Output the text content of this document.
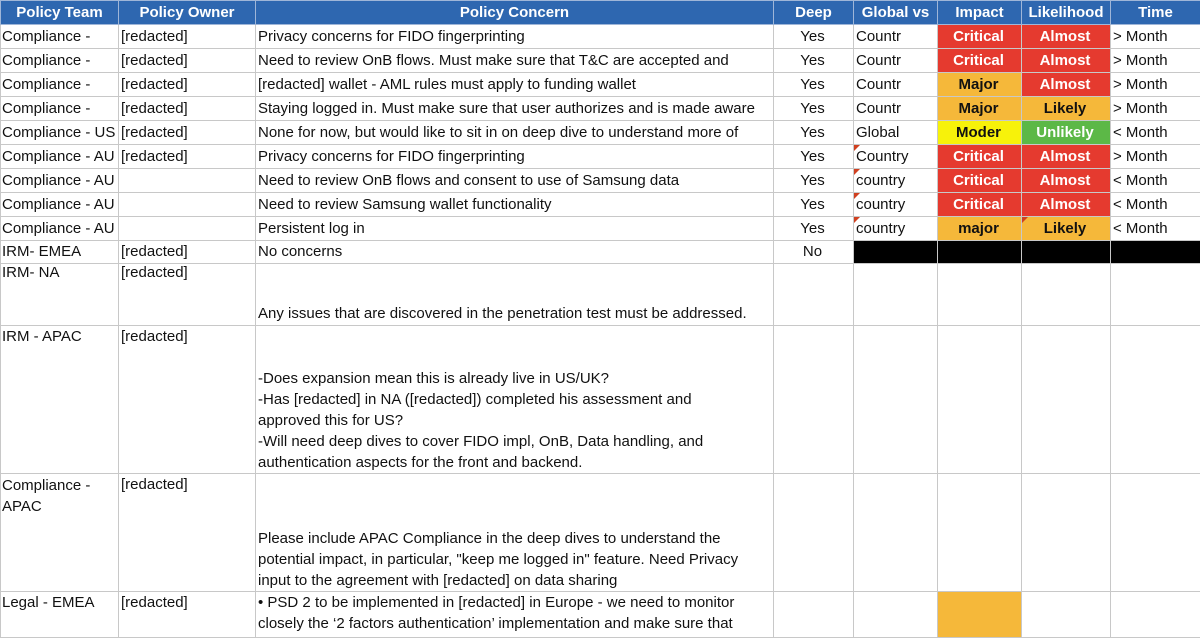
Policy Team	Policy Owner	Policy Concern	Deep	Global vs	Impact	Likelihood	Time
Compliance -	[redacted]	Privacy concerns for FIDO fingerprinting	Yes	Countr	Critical	Almost	> Month
Compliance -	[redacted]	Need to review OnB flows. Must make sure that T&C are accepted and	Yes	Countr	Critical	Almost	> Month
Compliance -	[redacted]	[redacted] wallet - AML rules must apply to funding wallet	Yes	Countr	Major	Almost	> Month
Compliance -	[redacted]	Staying logged in. Must make sure that user authorizes and is made aware	Yes	Countr	Major	Likely	> Month
Compliance - US	[redacted]	None for now, but would like to sit in on deep dive to understand more of	Yes	Global	Moder	Unlikely	< Month
Compliance - AU	[redacted]	Privacy concerns for FIDO fingerprinting	Yes	Country	Critical	Almost	> Month
Compliance - AU		Need to review OnB flows and consent to use of Samsung data	Yes	country	Critical	Almost	< Month
Compliance - AU		Need to review Samsung wallet functionality	Yes	country	Critical	Almost	< Month
Compliance - AU		Persistent log in	Yes	country	major	Likely	< Month
IRM- EMEA	[redacted]	No concerns	No				

IRM- NA	[redacted]	Any issues that are discovered in the penetration test must be addressed.					

IRM - APAC	[redacted]	-Does expansion mean this is already live in US/UK?
-Has [redacted] in NA ([redacted]) completed his assessment and
approved this for US?
-Will need deep dives to cover FIDO impl, OnB, Data handling, and
authentication aspects for the front and backend.					

Compliance -
APAC	[redacted]	Please include APAC Compliance in the deep dives to understand the
potential impact, in particular, "keep me logged in" feature. Need Privacy
input to the agreement with [redacted] on data sharing					

Legal - EMEA	[redacted]	• PSD 2 to be implemented in [redacted] in Europe - we need to monitor
closely the ‘2 factors authentication’ implementation and make sure that					
